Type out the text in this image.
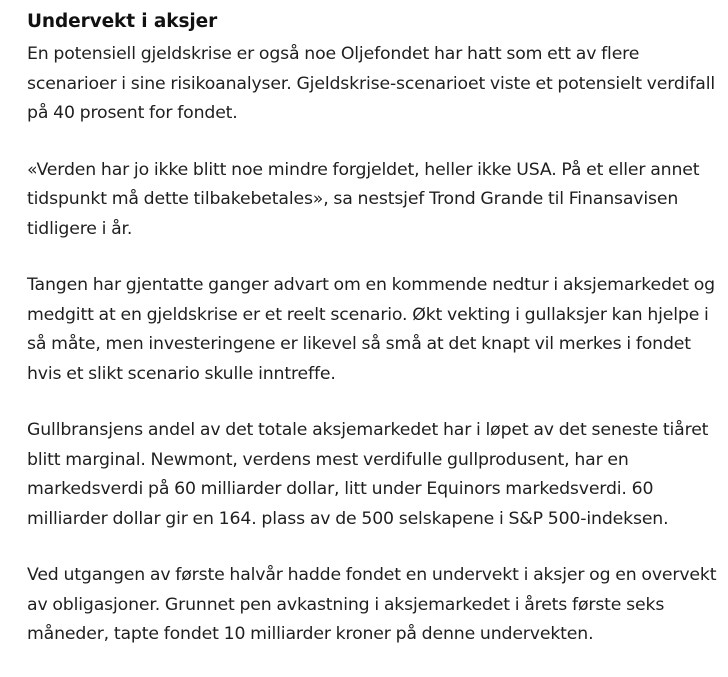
Undervekt i aksjer

En potensiell gjeldskrise er også noe Oljefondet har hatt som ett av flere scenarioer i sine risikoanalyser. Gjeldskrise-scenarioet viste et potensielt verdifall på 40 prosent for fondet.

«Verden har jo ikke blitt noe mindre forgjeldet, heller ikke USA. På et eller annet tidspunkt må dette tilbakebetales», sa nestsjef Trond Grande til Finansavisen tidligere i år.

Tangen har gjentatte ganger advart om en kommende nedtur i aksjemarkedet og medgitt at en gjeldskrise er et reelt scenario. Økt vekting i gullaksjer kan hjelpe i så måte, men investeringene er likevel så små at det knapt vil merkes i fondet hvis et slikt scenario skulle inntreffe.

Gullbransjens andel av det totale aksjemarkedet har i løpet av det seneste tiåret blitt marginal. Newmont, verdens mest verdifulle gullprodusent, har en markedsverdi på 60 milliarder dollar, litt under Equinors markedsverdi. 60 milliarder dollar gir en 164. plass av de 500 selskapene i S&P 500-indeksen.

Ved utgangen av første halvår hadde fondet en undervekt i aksjer og en overvekt av obligasjoner. Grunnet pen avkastning i aksjemarkedet i årets første seks måneder, tapte fondet 10 milliarder kroner på denne undervekten.
